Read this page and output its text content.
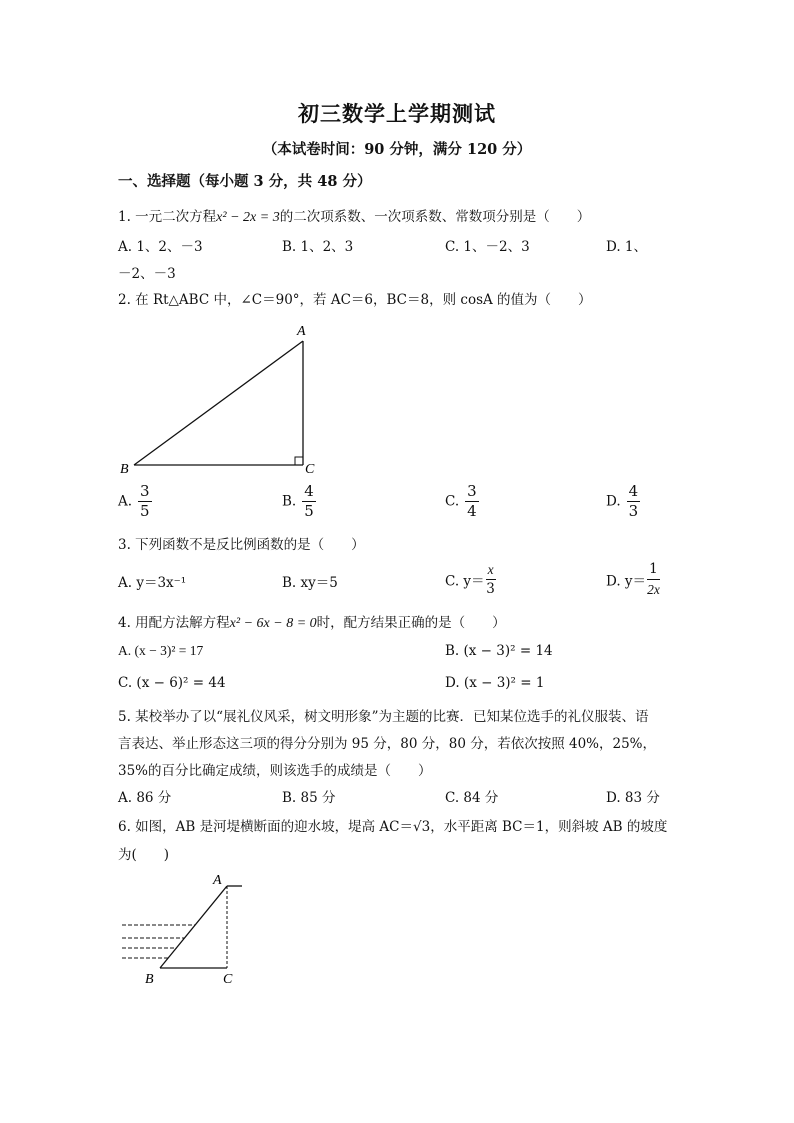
初三数学上学期测试
（本试卷时间：90 分钟，满分 120 分）
一、选择题（每小题 3 分，共 48 分）
1. 一元二次方程x² − 2x = 3的二次项系数、一次项系数、常数项分别是（　　）
A. 1、2、－3	B. 1、2、3	C. 1、－2、3	D. 1、
－2、－3
2. 在 Rt△ABC 中，∠C＝90°，若 AC＝6，BC＝8，则 cosA 的值为（　　）
A
B	C
A. $\frac{3}{5}$	B. $\frac{4}{5}$	C. $\frac{3}{4}$	D. $\frac{4}{3}$
3. 下列函数不是反比例函数的是（　　）
A. y＝3x⁻¹	B. xy＝5	C. $y= \frac{x}{3}$	D. $y= \frac{1}{2x}$
4. 用配方法解方程x² − 6x − 8 = 0时，配方结果正确的是（　　）
A. (x − 3)² = 17	B. (x − 3)² = 14
C. (x − 6)² = 44	D. (x − 3)² = 1
5. 某校举办了以“展礼仪风采，树文明形象”为主题的比赛．已知某位选手的礼仪服装、语
言表达、举止形态这三项的得分分别为 95 分，80 分，80 分，若依次按照 40%，25%，
35%的百分比确定成绩，则该选手的成绩是（　　）
A. 86 分	B. 85 分	C. 84 分	D. 83 分
6. 如图，AB 是河堤横断面的迎水坡，堤高 AC＝√3，水平距离 BC＝1，则斜坡 AB 的坡度
为(　　)
A
B	C
